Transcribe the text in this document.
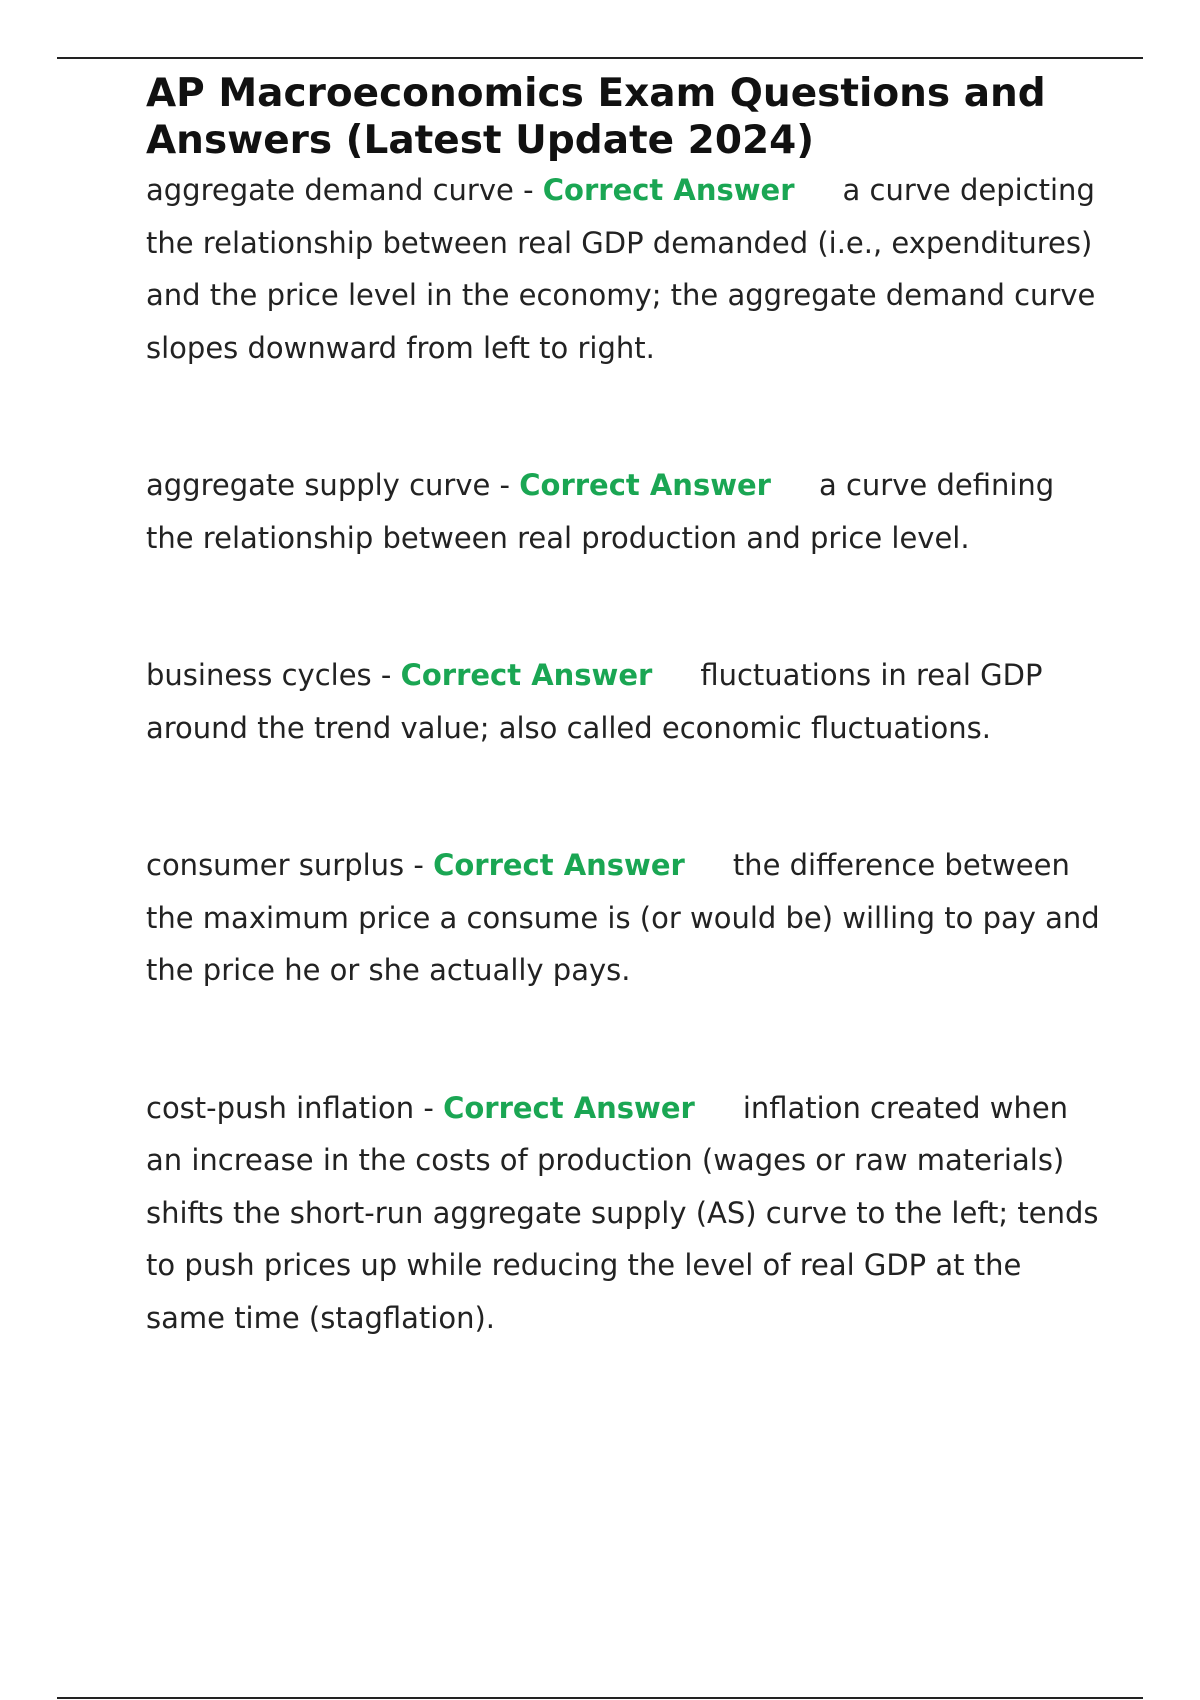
AP Macroeconomics Exam Questions and Answers (Latest Update 2024)

aggregate demand curve - Correct Answer a curve depicting the relationship between real GDP demanded (i.e., expenditures) and the price level in the economy; the aggregate demand curve slopes downward from left to right.

aggregate supply curve - Correct Answer a curve defining the relationship between real production and price level.

business cycles - Correct Answer fluctuations in real GDP around the trend value; also called economic fluctuations.

consumer surplus - Correct Answer the difference between the maximum price a consume is (or would be) willing to pay and the price he or she actually pays.

cost-push inflation - Correct Answer inflation created when an increase in the costs of production (wages or raw materials) shifts the short-run aggregate supply (AS) curve to the left; tends to push prices up while reducing the level of real GDP at the same time (stagflation).
